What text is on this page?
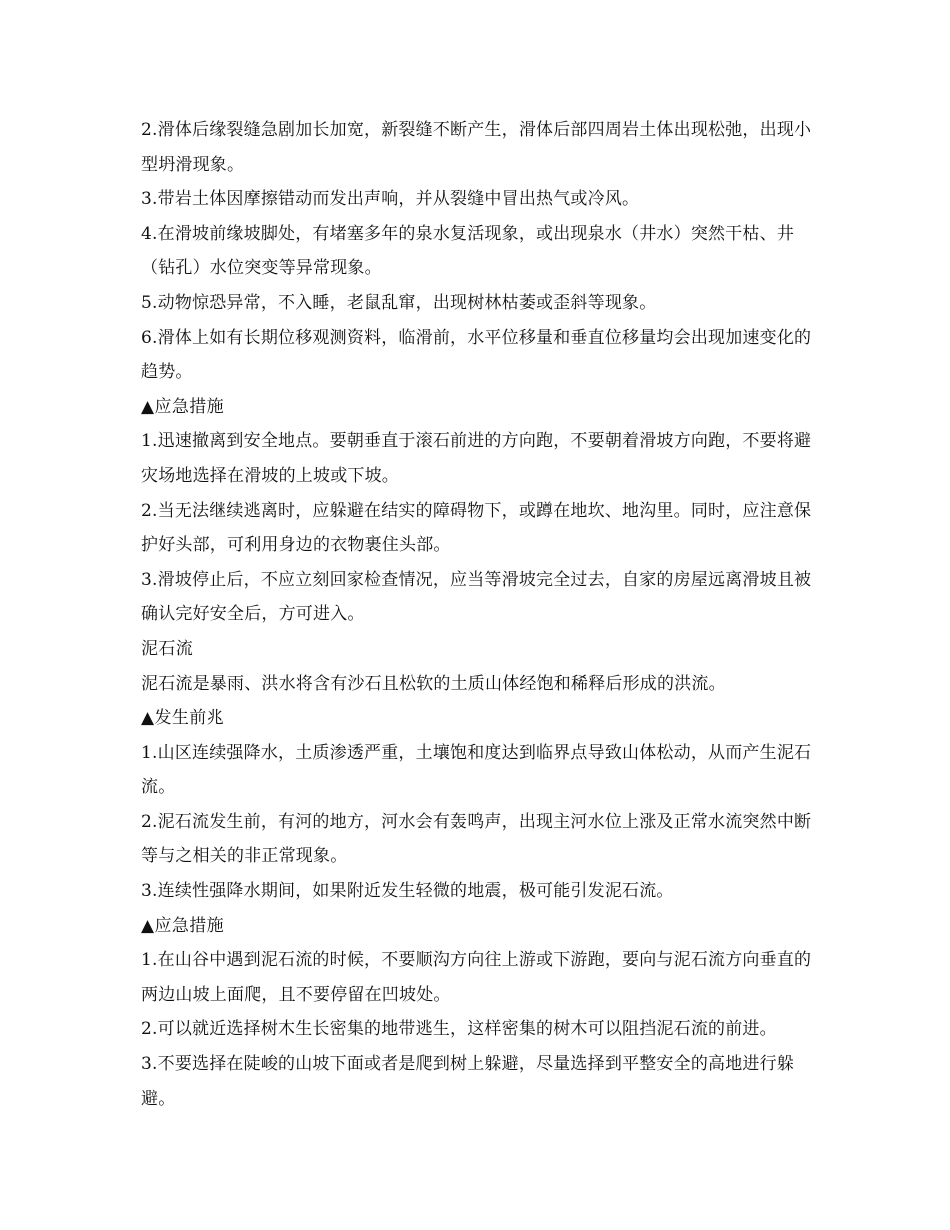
2.滑体后缘裂缝急剧加长加宽，新裂缝不断产生，滑体后部四周岩土体出现松弛，出现小型坍滑现象。

3.带岩土体因摩擦错动而发出声响，并从裂缝中冒出热气或冷风。

4.在滑坡前缘坡脚处，有堵塞多年的泉水复活现象，或出现泉水（井水）突然干枯、井（钻孔）水位突变等异常现象。

5.动物惊恐异常，不入睡，老鼠乱窜，出现树林枯萎或歪斜等现象。

6.滑体上如有长期位移观测资料，临滑前，水平位移量和垂直位移量均会出现加速变化的趋势。

▲应急措施

1.迅速撤离到安全地点。要朝垂直于滚石前进的方向跑，不要朝着滑坡方向跑，不要将避灾场地选择在滑坡的上坡或下坡。

2.当无法继续逃离时，应躲避在结实的障碍物下，或蹲在地坎、地沟里。同时，应注意保护好头部，可利用身边的衣物裹住头部。

3.滑坡停止后，不应立刻回家检查情况，应当等滑坡完全过去，自家的房屋远离滑坡且被确认完好安全后，方可进入。

泥石流

泥石流是暴雨、洪水将含有沙石且松软的土质山体经饱和稀释后形成的洪流。

▲发生前兆

1.山区连续强降水，土质渗透严重，土壤饱和度达到临界点导致山体松动，从而产生泥石流。

2.泥石流发生前，有河的地方，河水会有轰鸣声，出现主河水位上涨及正常水流突然中断等与之相关的非正常现象。

3.连续性强降水期间，如果附近发生轻微的地震，极可能引发泥石流。

▲应急措施

1.在山谷中遇到泥石流的时候，不要顺沟方向往上游或下游跑，要向与泥石流方向垂直的两边山坡上面爬，且不要停留在凹坡处。

2.可以就近选择树木生长密集的地带逃生，这样密集的树木可以阻挡泥石流的前进。

3.不要选择在陡峻的山坡下面或者是爬到树上躲避，尽量选择到平整安全的高地进行躲避。
